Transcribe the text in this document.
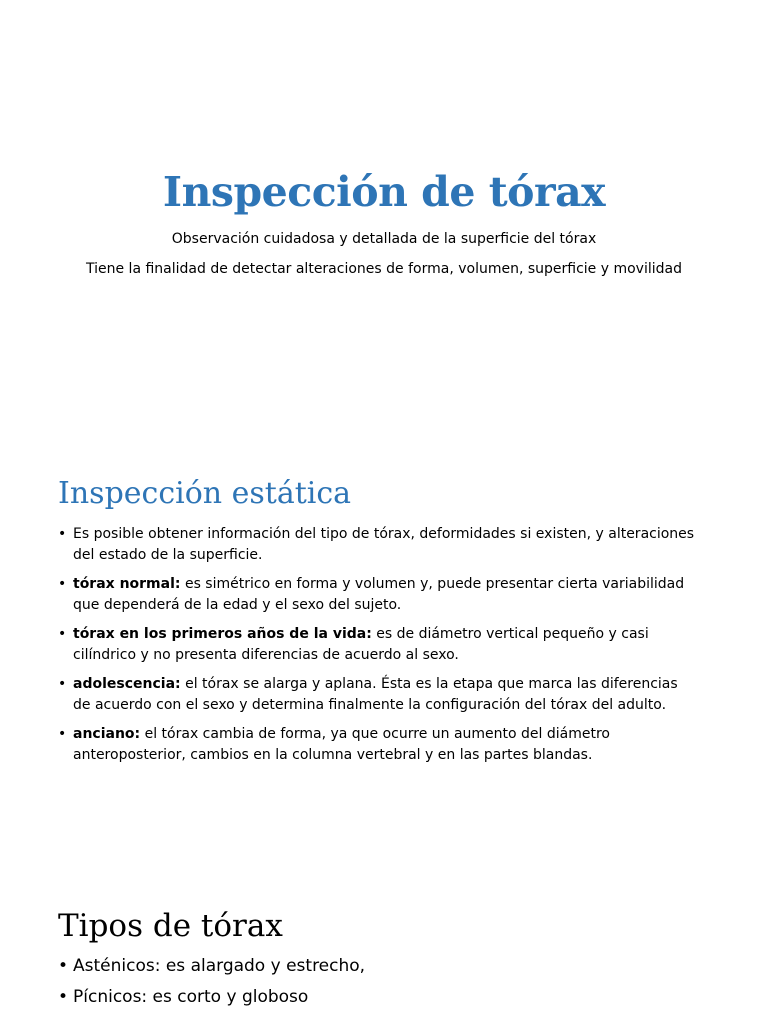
Inspección de tórax

Observación cuidadosa y detallada de la superficie del tórax

Tiene la finalidad de detectar alteraciones de forma, volumen, superficie y movilidad

Inspección estática
• Es posible obtener información del tipo de tórax, deformidades si existen, y alteraciones del estado de la superficie.
• tórax normal: es simétrico en forma y volumen y, puede presentar cierta variabilidad que dependerá de la edad y el sexo del sujeto.
• tórax en los primeros años de la vida: es de diámetro vertical pequeño y casi cilíndrico y no presenta diferencias de acuerdo al sexo.
• adolescencia: el tórax se alarga y aplana. Ésta es la etapa que marca las diferencias de acuerdo con el sexo y determina finalmente la configuración del tórax del adulto.
• anciano: el tórax cambia de forma, ya que ocurre un aumento del diámetro anteroposterior, cambios en la columna vertebral y en las partes blandas.
Tipos de tórax
• Asténicos: es alargado y estrecho,
• Pícnicos: es corto y globoso
